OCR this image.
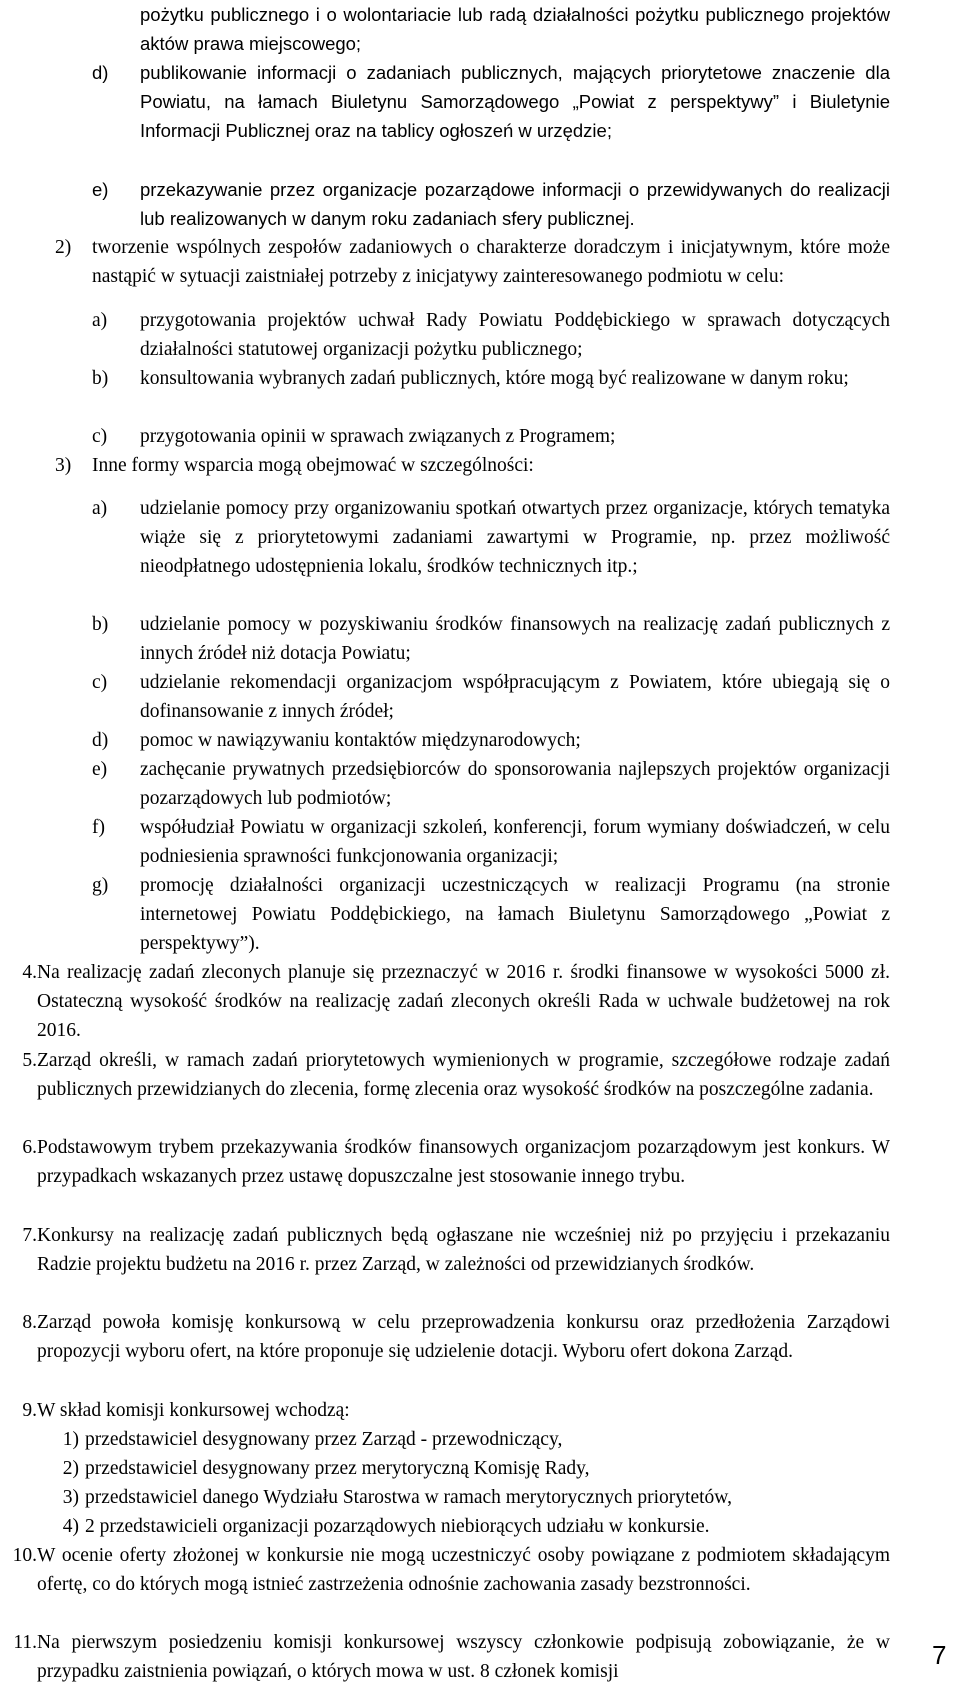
pożytku publicznego i o wolontariacie lub radą działalności pożytku publicznego projektów aktów prawa miejscowego;
d)	publikowanie informacji o zadaniach publicznych, mających priorytetowe znaczenie dla Powiatu, na łamach Biuletynu Samorządowego „Powiat z perspektywy” i Biuletynie Informacji Publicznej oraz na tablicy ogłoszeń w urzędzie;
e)	przekazywanie przez organizacje pozarządowe informacji o przewidywanych do realizacji lub realizowanych w danym roku zadaniach sfery publicznej.
2)	tworzenie wspólnych zespołów zadaniowych o charakterze doradczym i inicjatywnym, które może nastąpić w sytuacji zaistniałej potrzeby z inicjatywy zainteresowanego podmiotu w celu:
a)	przygotowania projektów uchwał Rady Powiatu Poddębickiego w sprawach dotyczących działalności statutowej organizacji pożytku publicznego;
b)	konsultowania wybranych zadań publicznych, które mogą być realizowane w danym roku;
c)	przygotowania opinii w sprawach związanych z Programem;
3)	Inne formy wsparcia mogą obejmować w szczególności:
a)	udzielanie pomocy przy organizowaniu spotkań otwartych przez organizacje, których tematyka wiąże się z priorytetowymi zadaniami zawartymi w Programie, np. przez możliwość nieodpłatnego udostępnienia lokalu, środków technicznych itp.;
b)	udzielanie pomocy w pozyskiwaniu środków finansowych na realizację zadań publicznych z innych źródeł niż dotacja Powiatu;
c)	udzielanie rekomendacji organizacjom współpracującym z Powiatem, które ubiegają się o dofinansowanie z innych źródeł;
d)	pomoc w nawiązywaniu kontaktów międzynarodowych;
e)	zachęcanie prywatnych przedsiębiorców do sponsorowania najlepszych projektów organizacji pozarządowych lub podmiotów;
f)	współudział Powiatu w organizacji szkoleń, konferencji, forum wymiany doświadczeń, w celu podniesienia sprawności funkcjonowania organizacji;
g)	promocję działalności organizacji uczestniczących w realizacji Programu (na stronie internetowej Powiatu Poddębickiego, na łamach Biuletynu Samorządowego „Powiat z perspektywy”).
4. Na realizację zadań zleconych planuje się przeznaczyć w 2016 r. środki finansowe w wysokości 5000 zł. Ostateczną wysokość środków na realizację zadań zleconych określi Rada w uchwale budżetowej na rok 2016.
5. Zarząd określi, w ramach zadań priorytetowych wymienionych w programie, szczegółowe rodzaje zadań publicznych przewidzianych do zlecenia, formę zlecenia oraz wysokość środków na poszczególne zadania.
6. Podstawowym trybem przekazywania środków finansowych organizacjom pozarządowym jest konkurs. W przypadkach wskazanych przez ustawę dopuszczalne jest stosowanie innego trybu.
7. Konkursy na realizację zadań publicznych będą ogłaszane nie wcześniej niż po przyjęciu i przekazaniu Radzie projektu budżetu na 2016 r. przez Zarząd, w zależności od przewidzianych środków.
8. Zarząd powoła komisję konkursową w celu przeprowadzenia konkursu oraz przedłożenia Zarządowi propozycji wyboru ofert, na które proponuje się udzielenie dotacji. Wyboru ofert dokona Zarząd.
9. W skład komisji konkursowej wchodzą:
1) przedstawiciel desygnowany przez Zarząd - przewodniczący,
2) przedstawiciel desygnowany przez merytoryczną Komisję Rady,
3) przedstawiciel danego Wydziału Starostwa w ramach merytorycznych priorytetów,
4) 2 przedstawicieli organizacji pozarządowych niebiorących udziału w konkursie.
10. W ocenie oferty złożonej w konkursie nie mogą uczestniczyć osoby powiązane z podmiotem składającym ofertę, co do których mogą istnieć zastrzeżenia odnośnie zachowania zasady bezstronności.
11. Na pierwszym posiedzeniu komisji konkursowej wszyscy członkowie podpisują zobowiązanie, że w przypadku zaistnienia powiązań, o których mowa w ust. 8 członek komisji
7
